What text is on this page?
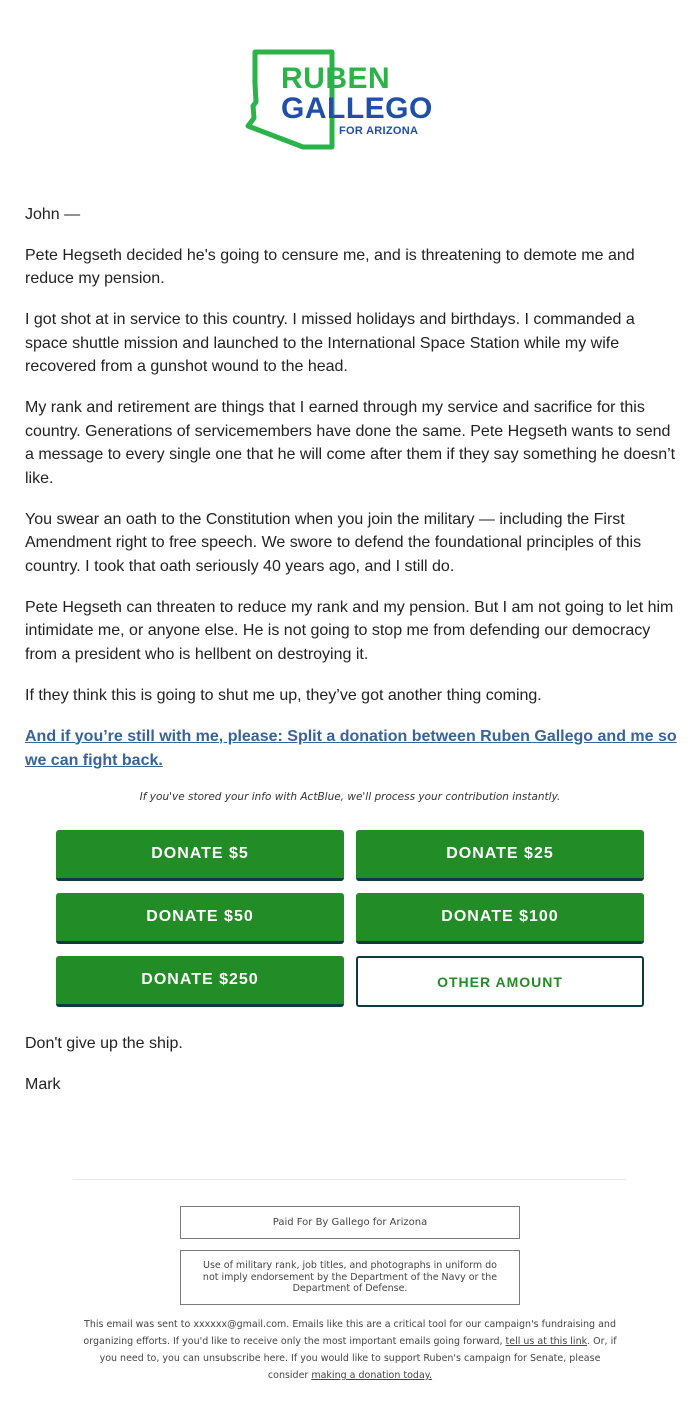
RUBEN
GALLEGO
FOR ARIZONA

John —

Pete Hegseth decided he's going to censure me, and is threatening to demote me and reduce my pension.

I got shot at in service to this country. I missed holidays and birthdays. I commanded a space shuttle mission and launched to the International Space Station while my wife recovered from a gunshot wound to the head.

My rank and retirement are things that I earned through my service and sacrifice for this country. Generations of servicemembers have done the same. Pete Hegseth wants to send a message to every single one that he will come after them if they say something he doesn’t like.

You swear an oath to the Constitution when you join the military — including the First Amendment right to free speech. We swore to defend the foundational principles of this country. I took that oath seriously 40 years ago, and I still do.

Pete Hegseth can threaten to reduce my rank and my pension. But I am not going to let him intimidate me, or anyone else. He is not going to stop me from defending our democracy from a president who is hellbent on destroying it.

If they think this is going to shut me up, they’ve got another thing coming.

And if you’re still with me, please: Split a donation between Ruben Gallego and me so we can fight back.

If you've stored your info with ActBlue, we'll process your contribution instantly.
DONATE $5	DONATE $25
DONATE $50	DONATE $100
DONATE $250	OTHER AMOUNT

Don't give up the ship.

Mark

Paid For By Gallego for Arizona
Use of military rank, job titles, and photographs in uniform do not imply endorsement by the Department of the Navy or the Department of Defense.
This email was sent to xxxxxx@gmail.com. Emails like this are a critical tool for our campaign's fundraising and organizing efforts. If you'd like to receive only the most important emails going forward, tell us at this link. Or, if you need to, you can unsubscribe here. If you would like to support Ruben's campaign for Senate, please consider making a donation today.
